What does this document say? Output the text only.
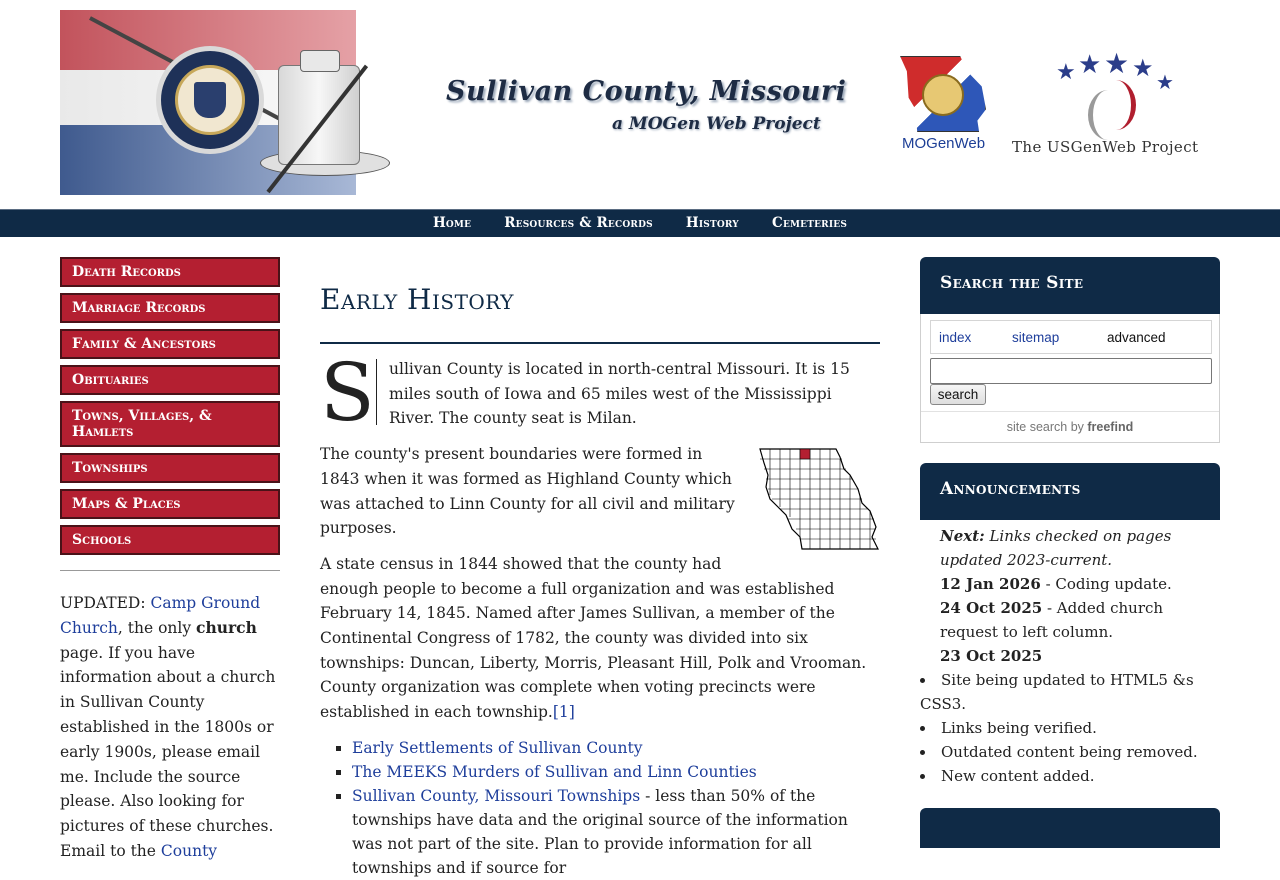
Sullivan County, Missouri
a MOGen Web Project
MOGenWeb
★ ★ ★ ★ ★
The USGenWeb Project
Home Resources & Records History Cemeteries
Death Records
Marriage Records
Family & Ancestors
Obituaries
Towns, Villages, & Hamlets
Townships
Maps & Places
Schools

UPDATED: Camp Ground Church, the only church page. If you have information about a church in Sullivan County established in the 1800s or early 1900s, please email me. Include the source please. Also looking for pictures of these churches. Email to the County

Early History
S ullivan County is located in north-central Missouri. It is 15 miles south of Iowa and 65 miles west of the Mississippi River. The county seat is Milan.
The county's present boundaries were formed in 1843 when it was formed as Highland County which was attached to Linn County for all civil and military purposes.
A state census in 1844 showed that the county had enough people to become a full organization and was established February 14, 1845. Named after James Sullivan, a member of the Continental Congress of 1782, the county was divided into six townships: Duncan, Liberty, Morris, Pleasant Hill, Polk and Vrooman. County organization was complete when voting precincts were established in each township.[1]
▪ Early Settlements of Sullivan County
▪ The MEEKS Murders of Sullivan and Linn Counties
▪ Sullivan County, Missouri Townships - less than 50% of the townships have data and the original source of the information was not part of the site. Plan to provide information for all townships and if source for
Search the Site
index	sitemap	advanced
search
site search by freefind
Announcements
Next: Links checked on pages updated 2023-current.
12 Jan 2026 - Coding update.
24 Oct 2025 - Added church request to left column.
23 Oct 2025
• Site being updated to HTML5 &s CSS3.
• Links being verified.
• Outdated content being removed.
• New content added.
